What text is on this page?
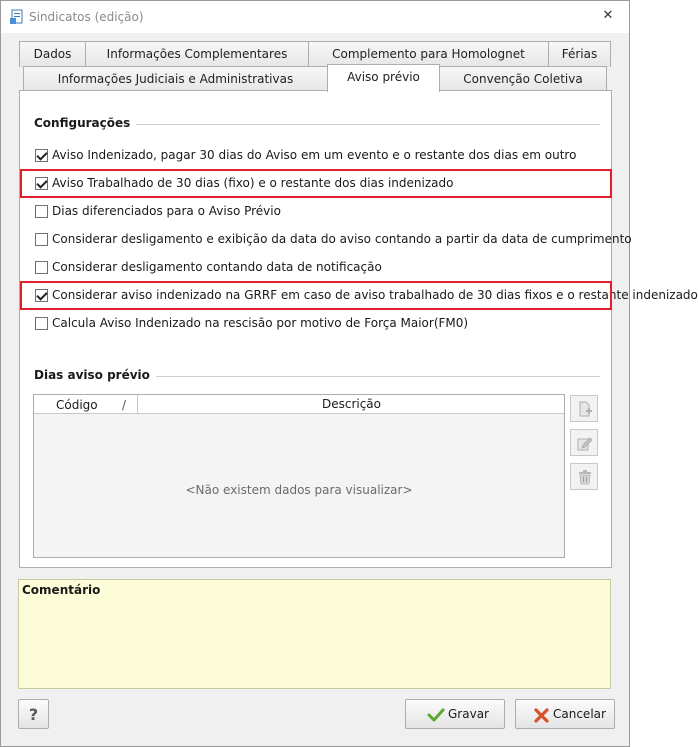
Sindicatos (edição)	✕
Dados	Informações Complementares	Complemento para Homolognet	Férias
Informações Judiciais e Administrativas	Aviso prévio	Convenção Coletiva
Configurações
Aviso Indenizado, pagar 30 dias do Aviso em um evento e o restante dos dias em outro
Aviso Trabalhado de 30 dias (fixo) e o restante dos dias indenizado
Dias diferenciados para o Aviso Prévio
Considerar desligamento e exibição da data do aviso contando a partir da data de cumprimento
Considerar desligamento contando data de notificação
Considerar aviso indenizado na GRRF em caso de aviso trabalhado de 30 dias fixos e o restante indenizado
Calcula Aviso Indenizado na rescisão por motivo de Força Maior(FM0)
Dias aviso prévio
Código /	Descrição
<Não existem dados para visualizar>
Comentário
?	Gravar	Cancelar
